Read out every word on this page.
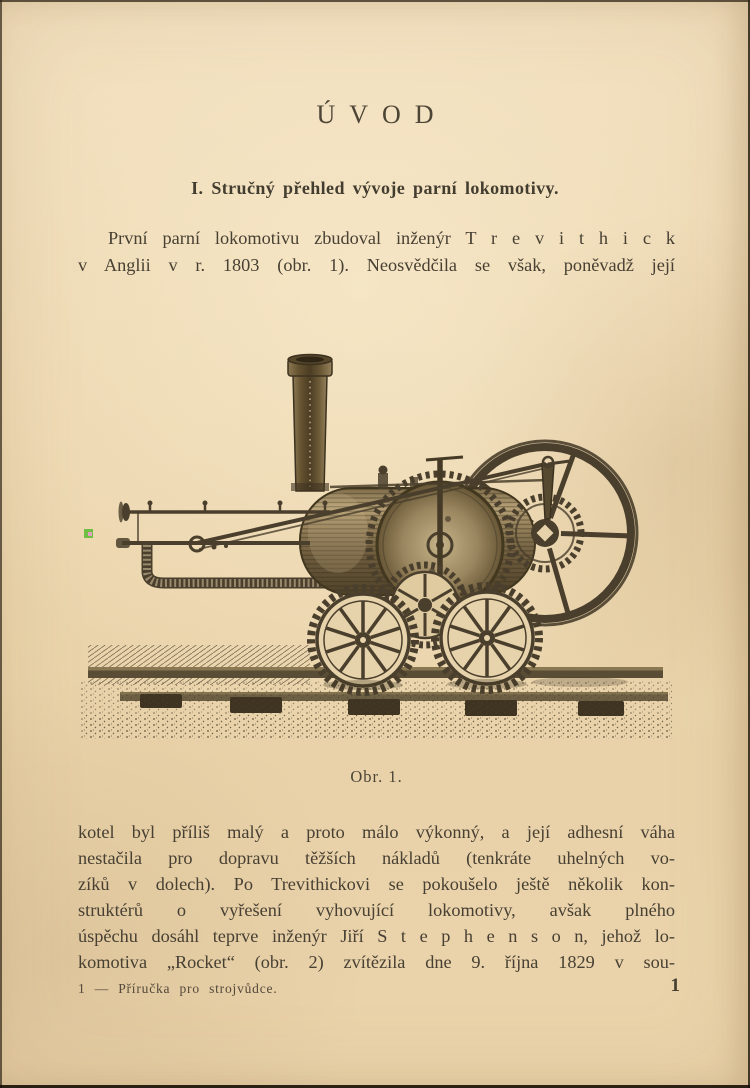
ÚVOD
I. Stručný přehled vývoje parní lokomotivy.
První parní lokomotivu zbudoval inženýr T r e v i t h i c k
v Anglii v r. 1803 (obr. 1). Neosvědčila se však, poněvadž její
Obr. 1.
kotel byl příliš malý a proto málo výkonný, a její adhesní váha
nestačila pro dopravu těžších nákladů (tenkráte uhelných vo-
zíků v dolech). Po Trevithickovi se pokoušelo ještě několik kon-
struktérů o vyřešení vyhovující lokomotivy, avšak plného
úspěchu dosáhl teprve inženýr Jiří S t e p h e n s o n, jehož lo-
komotiva „Rocket“ (obr. 2) zvítězila dne 9. října 1829 v sou-
1 — Příručka pro strojvůdce.	1
